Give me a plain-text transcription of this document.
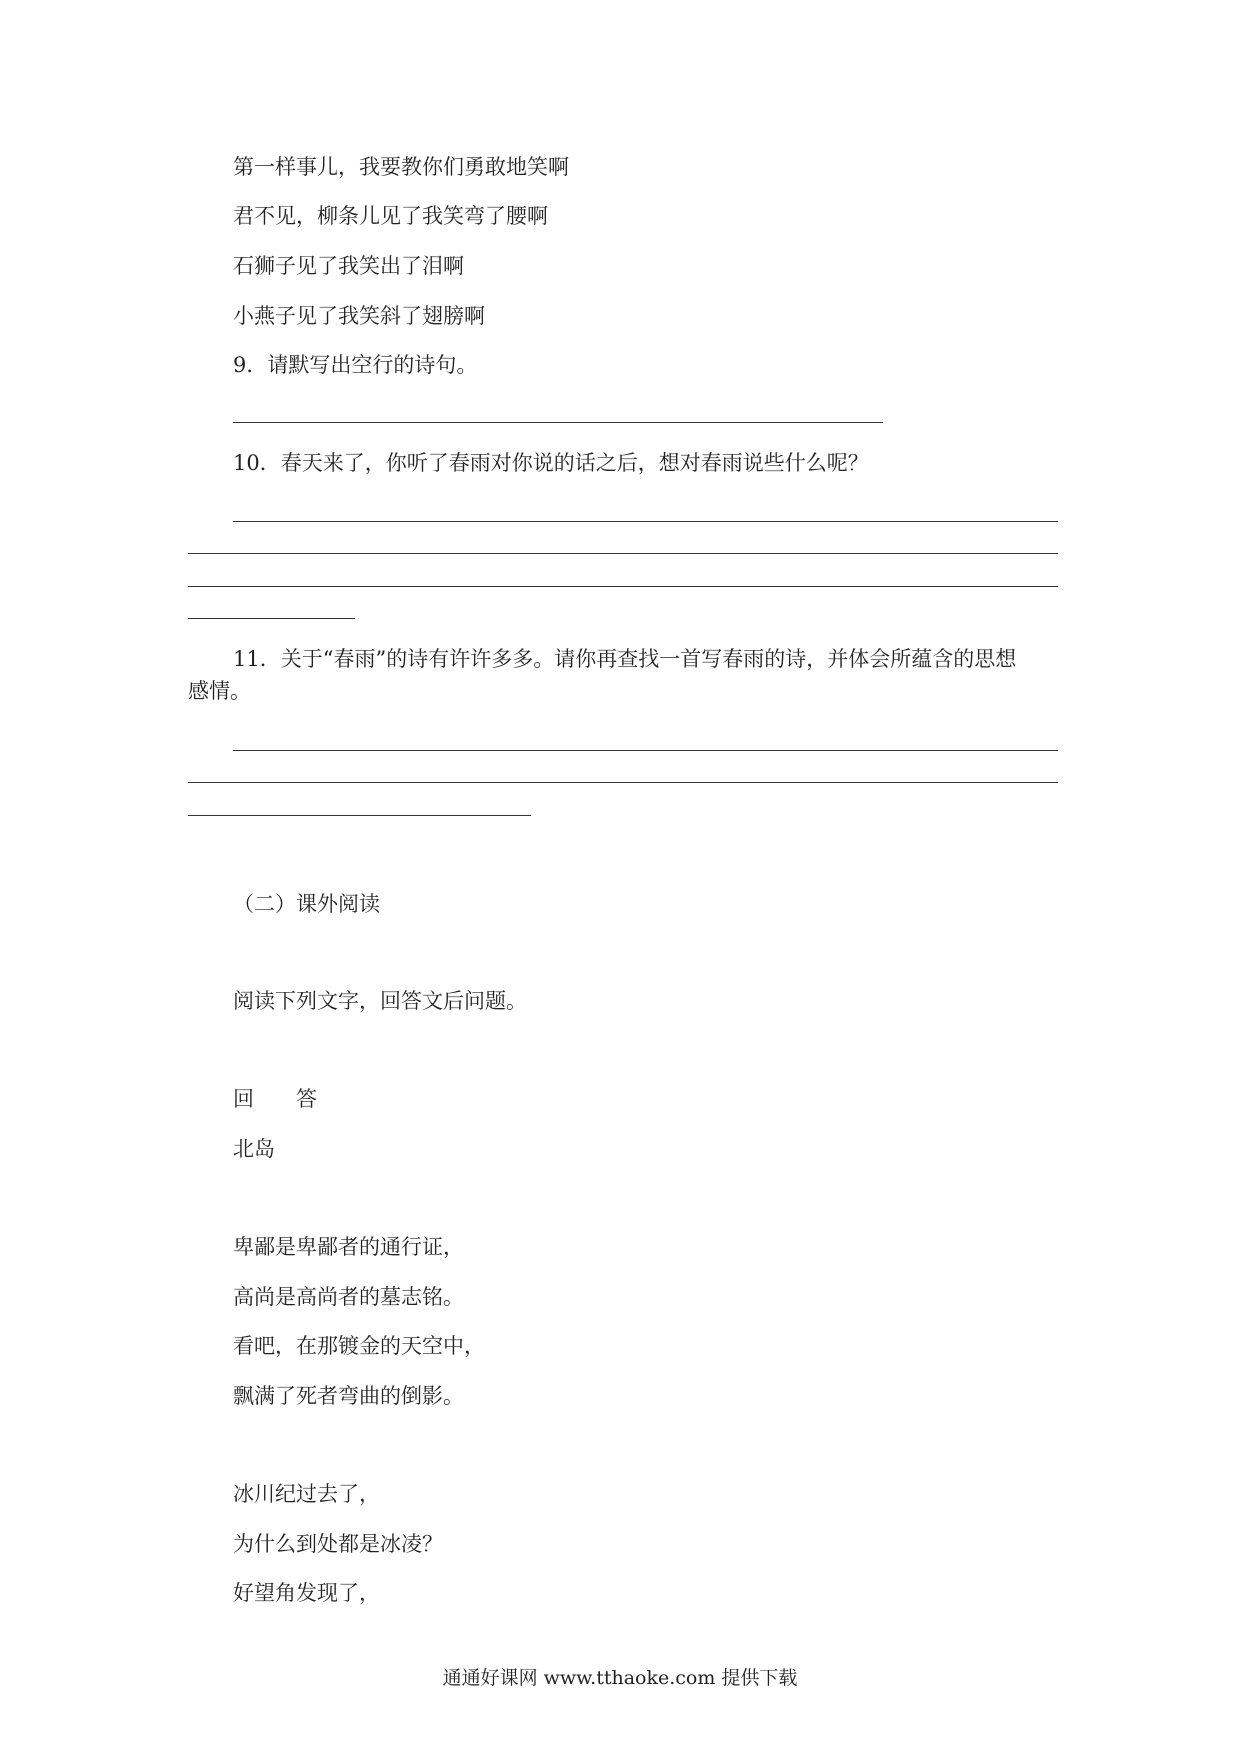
第一样事儿，我要教你们勇敢地笑啊
君不见，柳条儿见了我笑弯了腰啊
石狮子见了我笑出了泪啊
小燕子见了我笑斜了翅膀啊
9．请默写出空行的诗句。
10．春天来了，你听了春雨对你说的话之后，想对春雨说些什么呢？
11．关于“春雨”的诗有许许多多。请你再查找一首写春雨的诗，并体会所蕴含的思想
感情。
（二）课外阅读
阅读下列文字，回答文后问题。
回　　答
北岛
卑鄙是卑鄙者的通行证，
高尚是高尚者的墓志铭。
看吧，在那镀金的天空中，
飘满了死者弯曲的倒影。
冰川纪过去了，
为什么到处都是冰凌？
好望角发现了，
通通好课网 www.tthaoke.com 提供下载
